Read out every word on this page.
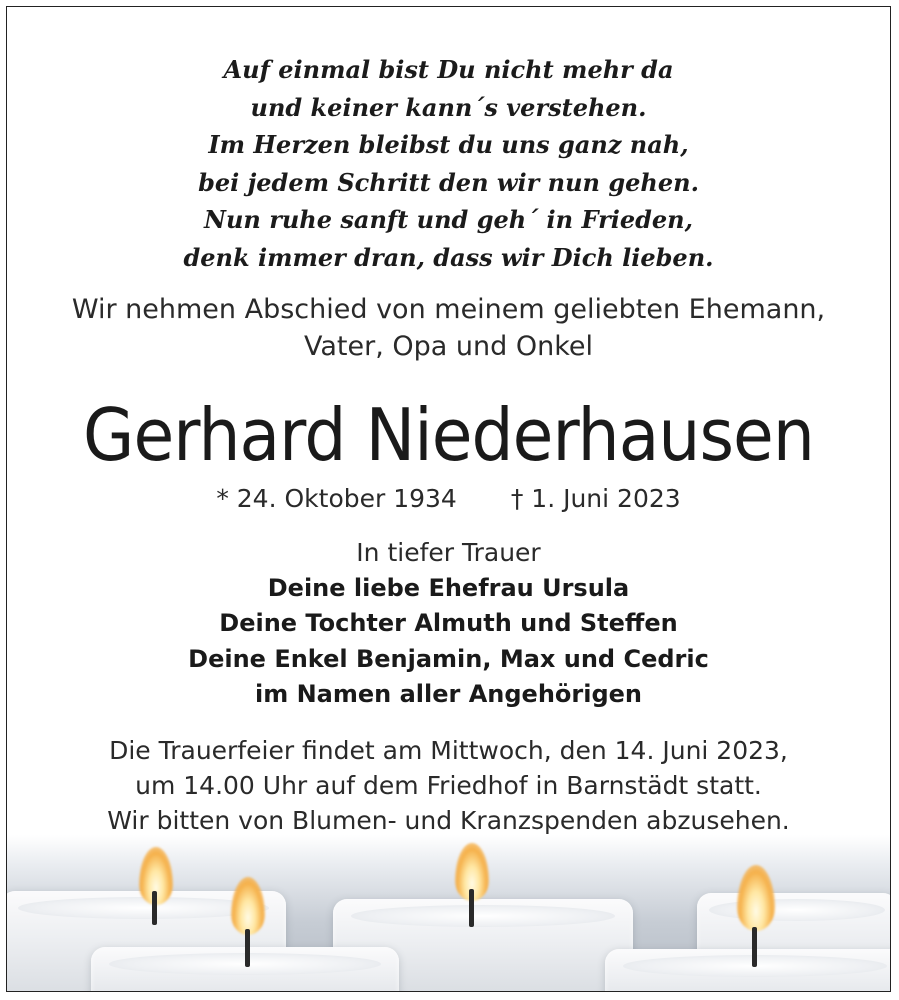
Auf einmal bist Du nicht mehr da
und keiner kann´s verstehen.
Im Herzen bleibst du uns ganz nah,
bei jedem Schritt den wir nun gehen.
Nun ruhe sanft und geh´ in Frieden,
denk immer dran, dass wir Dich lieben.
Wir nehmen Abschied von meinem geliebten Ehemann,
Vater, Opa und Onkel
Gerhard Niederhausen
* 24. Oktober 1934 † 1. Juni 2023
In tiefer Trauer
Deine liebe Ehefrau Ursula
Deine Tochter Almuth und Steffen
Deine Enkel Benjamin, Max und Cedric
im Namen aller Angehörigen
Die Trauerfeier findet am Mittwoch, den 14. Juni 2023,
um 14.00 Uhr auf dem Friedhof in Barnstädt statt.
Wir bitten von Blumen- und Kranzspenden abzusehen.
